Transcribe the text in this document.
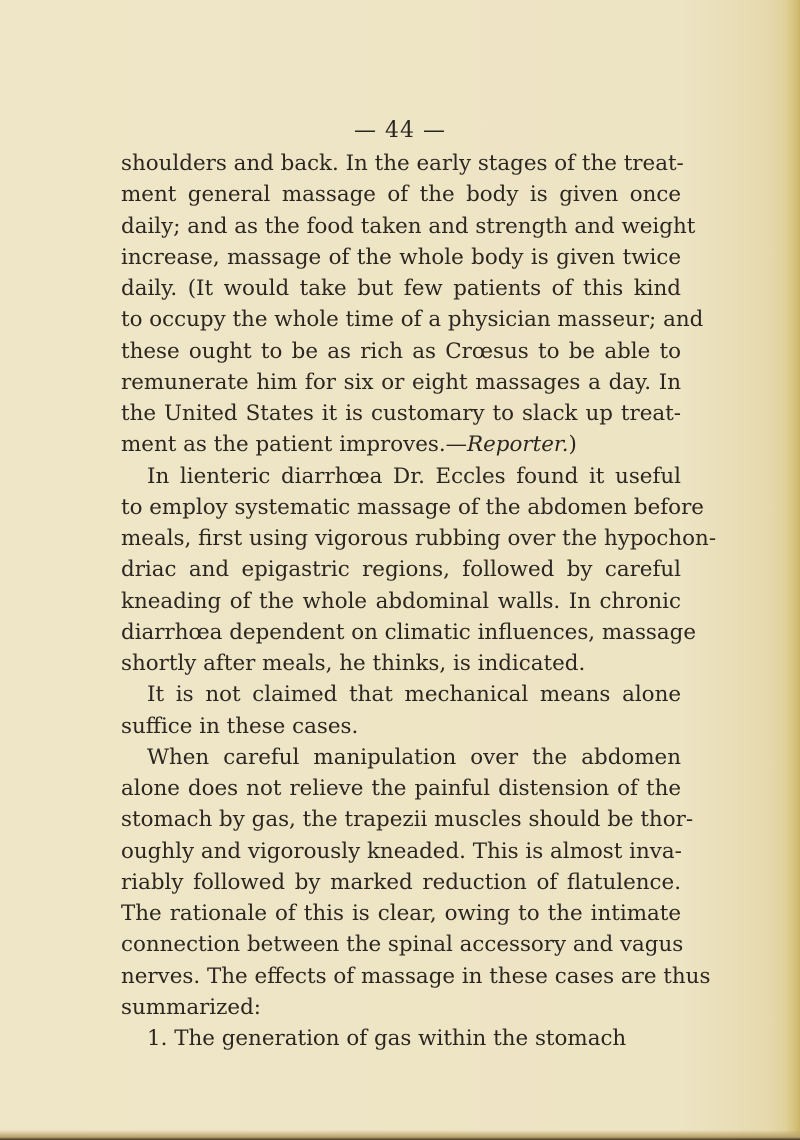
— 44 —
shoulders and back. In the early stages of the treat-
ment general massage of the body is given once
daily; and as the food taken and strength and weight
increase, massage of the whole body is given twice
daily. (It would take but few patients of this kind
to occupy the whole time of a physician masseur; and
these ought to be as rich as Crœsus to be able to
remunerate him for six or eight massages a day. In
the United States it is customary to slack up treat-
ment as the patient improves.—Reporter.)
In lienteric diarrhœa Dr. Eccles found it useful
to employ systematic massage of the abdomen before
meals, first using vigorous rubbing over the hypochon-
driac and epigastric regions, followed by careful
kneading of the whole abdominal walls. In chronic
diarrhœa dependent on climatic influences, massage
shortly after meals, he thinks, is indicated.
It is not claimed that mechanical means alone
suffice in these cases.
When careful manipulation over the abdomen
alone does not relieve the painful distension of the
stomach by gas, the trapezii muscles should be thor-
oughly and vigorously kneaded. This is almost inva-
riably followed by marked reduction of flatulence.
The rationale of this is clear, owing to the intimate
connection between the spinal accessory and vagus
nerves. The effects of massage in these cases are thus
summarized:
1. The generation of gas within the stomach
